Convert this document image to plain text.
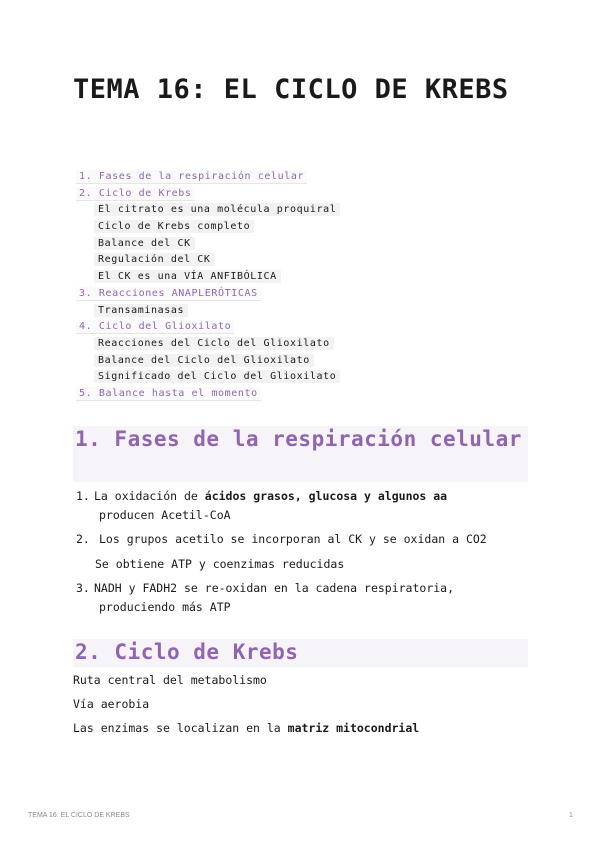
TEMA 16: EL CICLO DE KREBS
1. Fases de la respiración celular
2. Ciclo de Krebs
El citrato es una molécula proquiral
Ciclo de Krebs completo
Balance del CK
Regulación del CK
El CK es una VÍA ANFIBÓLICA
3. Reacciones ANAPLERÓTICAS
Transaminasas
4. Ciclo del Glioxilato
Reacciones del Ciclo del Glioxilato
Balance del Ciclo del Glioxilato
Significado del Ciclo del Glioxilato
5. Balance hasta el momento
1. Fases de la respiración celular
1. La oxidación de ácidos grasos, glucosa y algunos aa
producen Acetil-CoA
2. Los grupos acetilo se incorporan al CK y se oxidan a CO2
Se obtiene ATP y coenzimas reducidas
3. NADH y FADH2 se re-oxidan en la cadena respiratoria,
produciendo más ATP
2. Ciclo de Krebs
Ruta central del metabolismo
Vía aerobia
Las enzimas se localizan en la matriz mitocondrial
TEMA 16: EL CICLO DE KREBS	1
